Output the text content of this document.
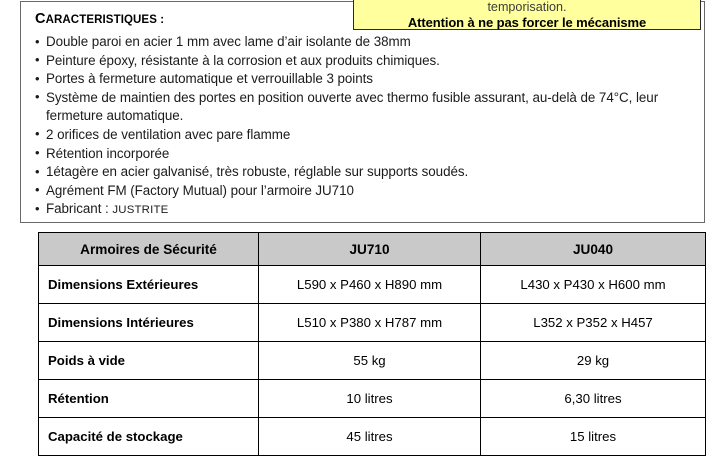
CARACTERISTIQUES :
• Double paroi en acier 1 mm avec lame d’air isolante de 38mm
• Peinture époxy, résistante à la corrosion et aux produits chimiques.
• Portes à fermeture automatique et verrouillable 3 points
• Système de maintien des portes en position ouverte avec thermo fusible assurant, au-delà de 74°C, leur fermeture automatique.
• 2 orifices de ventilation avec pare flamme
• Rétention incorporée
• 1étagère en acier galvanisé, très robuste, réglable sur supports soudés.
• Agrément FM (Factory Mutual) pour l’armoire JU710
• Fabricant : JUSTRITE
temporisation.
Attention à ne pas forcer le mécanisme
Armoires de Sécurité	JU710	JU040
Dimensions Extérieures	L590 x P460 x H890 mm	L430 x P430 x H600 mm
Dimensions Intérieures	L510 x P380 x H787 mm	L352 x P352 x H457
Poids à vide	55 kg	29 kg
Rétention	10 litres	6,30 litres
Capacité de stockage	45 litres	15 litres
